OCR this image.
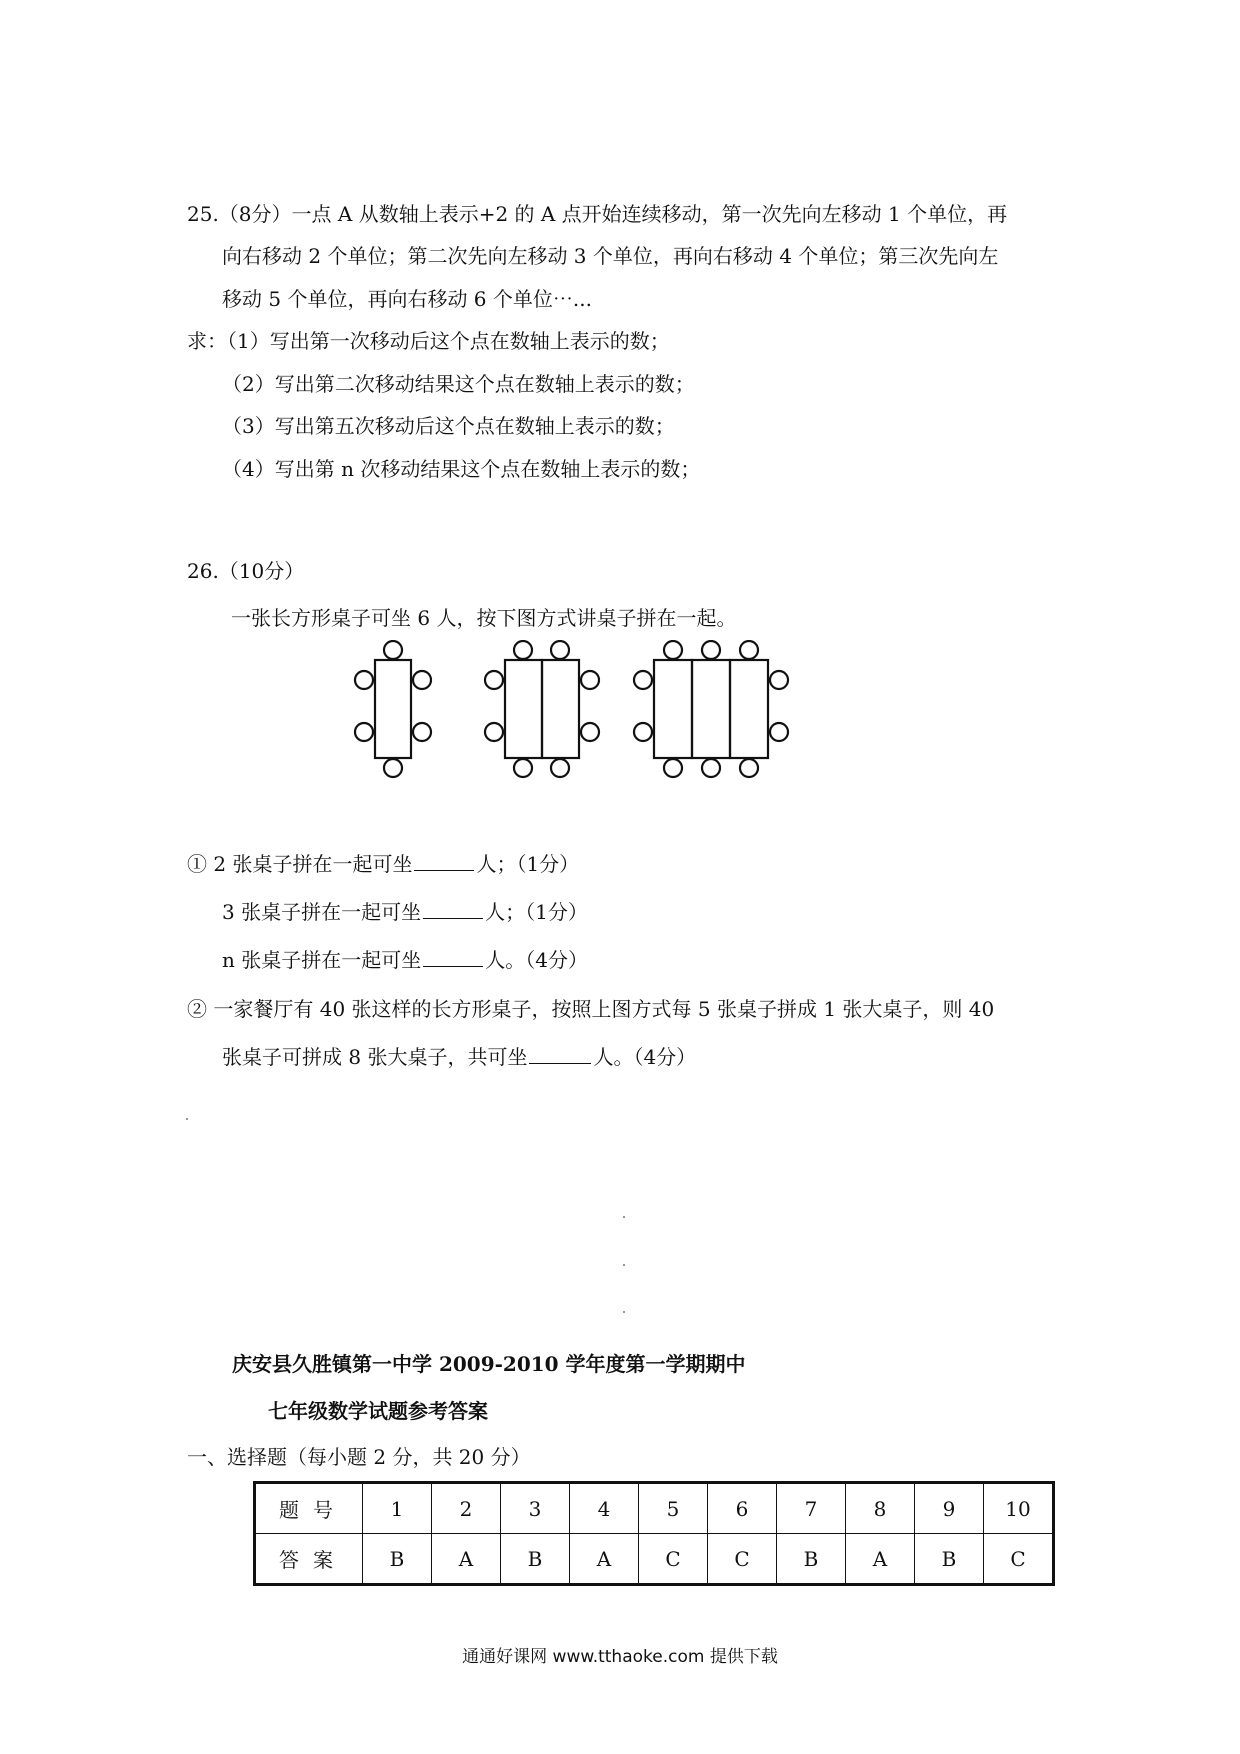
25.（8分）一点 A 从数轴上表示+2 的 A 点开始连续移动，第一次先向左移动 1 个单位，再
向右移动 2 个单位；第二次先向左移动 3 个单位，再向右移动 4 个单位；第三次先向左
移动 5 个单位，再向右移动 6 个单位⋯...
求：（1）写出第一次移动后这个点在数轴上表示的数；
（2）写出第二次移动结果这个点在数轴上表示的数；
（3）写出第五次移动后这个点在数轴上表示的数；
（4）写出第 n 次移动结果这个点在数轴上表示的数；
26.（10分）
一张长方形桌子可坐 6 人，按下图方式讲桌子拼在一起。
① 2 张桌子拼在一起可坐	人；（1分）
3 张桌子拼在一起可坐	人；（1分）
n 张桌子拼在一起可坐	人。（4分）
② 一家餐厅有 40 张这样的长方形桌子，按照上图方式每 5 张桌子拼成 1 张大桌子，则 40
张桌子可拼成 8 张大桌子，共可坐	人。（4分）
庆安县久胜镇第一中学 2009-2010 学年度第一学期期中
七年级数学试题参考答案
一、选择题（每小题 2 分，共 20 分）
题号	1	2	3	4	5	6	7	8	9	10
答案	B	A	B	A	C	C	B	A	B	C
通通好课网 www.tthaoke.com 提供下载
